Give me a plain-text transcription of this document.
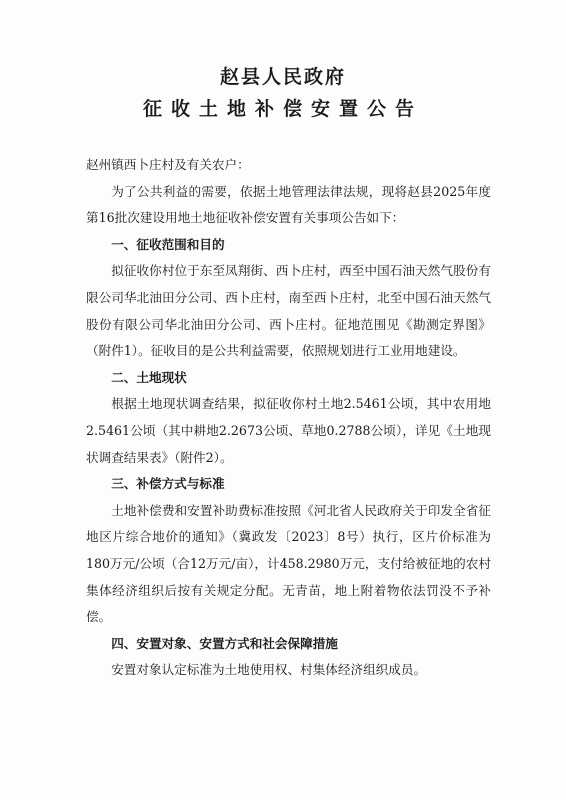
赵县人民政府
征收土地补偿安置公告

赵州镇西卜庄村及有关农户：

为了公共利益的需要，依据土地管理法律法规，现将赵县2025年度第16批次建设用地土地征收补偿安置有关事项公告如下：

一、征收范围和目的

拟征收你村位于东至凤翔街、西卜庄村，西至中国石油天然气股份有限公司华北油田分公司、西卜庄村，南至西卜庄村，北至中国石油天然气股份有限公司华北油田分公司、西卜庄村。征地范围见《勘测定界图》（附件1）。征收目的是公共利益需要，依照规划进行工业用地建设。

二、土地现状

根据土地现状调查结果，拟征收你村土地2.5461公顷，其中农用地2.5461公顷（其中耕地2.2673公顷、草地0.2788公顷），详见《土地现状调查结果表》（附件2）。

三、补偿方式与标准

土地补偿费和安置补助费标准按照《河北省人民政府关于印发全省征地区片综合地价的通知》（冀政发〔2023〕8号）执行，区片价标准为180万元/公顷（合12万元/亩），计458.2980万元，支付给被征地的农村集体经济组织后按有关规定分配。无青苗，地上附着物依法罚没不予补偿。

四、安置对象、安置方式和社会保障措施

安置对象认定标准为土地使用权、村集体经济组织成员。
